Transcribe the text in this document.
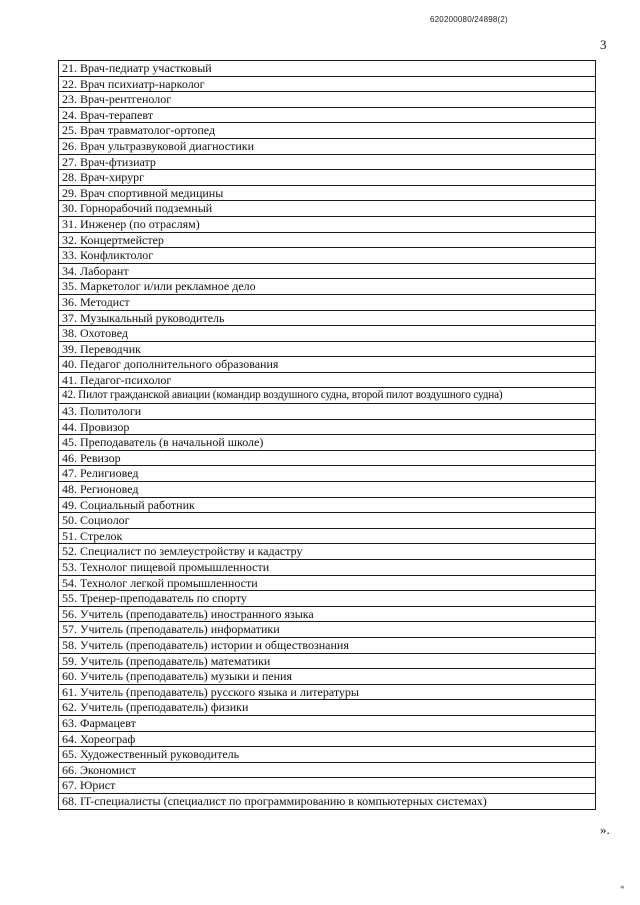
620200080/24898(2)
3
21. Врач-педиатр участковый
22. Врач психиатр-нарколог
23. Врач-рентгенолог
24. Врач-терапевт
25. Врач травматолог-ортопед
26. Врач ультразвуковой диагностики
27. Врач-фтизиатр
28. Врач-хирург
29. Врач спортивной медицины
30. Горнорабочий подземный
31. Инженер (по отраслям)
32. Концертмейстер
33. Конфликтолог
34. Лаборант
35. Маркетолог и/или рекламное дело
36. Методист
37. Музыкальный руководитель
38. Охотовед
39. Переводчик
40. Педагог дополнительного образования
41. Педагог-психолог
42. Пилот гражданской авиации (командир воздушного судна, второй пилот воздушного судна)
43. Политологи
44. Провизор
45. Преподаватель (в начальной школе)
46. Ревизор
47. Религиовед
48. Регионовед
49. Социальный работник
50. Социолог
51. Стрелок
52. Специалист по землеустройству и кадастру
53. Технолог пищевой промышленности
54. Технолог легкой промышленности
55. Тренер-преподаватель по спорту
56. Учитель (преподаватель) иностранного языка
57. Учитель (преподаватель) информатики
58. Учитель (преподаватель) истории и обществознания
59. Учитель (преподаватель) математики
60. Учитель (преподаватель) музыки и пения
61. Учитель (преподаватель) русского языка и литературы
62. Учитель (преподаватель) физики
63. Фармацевт
64. Хореограф
65. Художественный руководитель
66. Экономист
67. Юрист
68. IT-специалисты (специалист по программированию в компьютерных системах)
».
*
